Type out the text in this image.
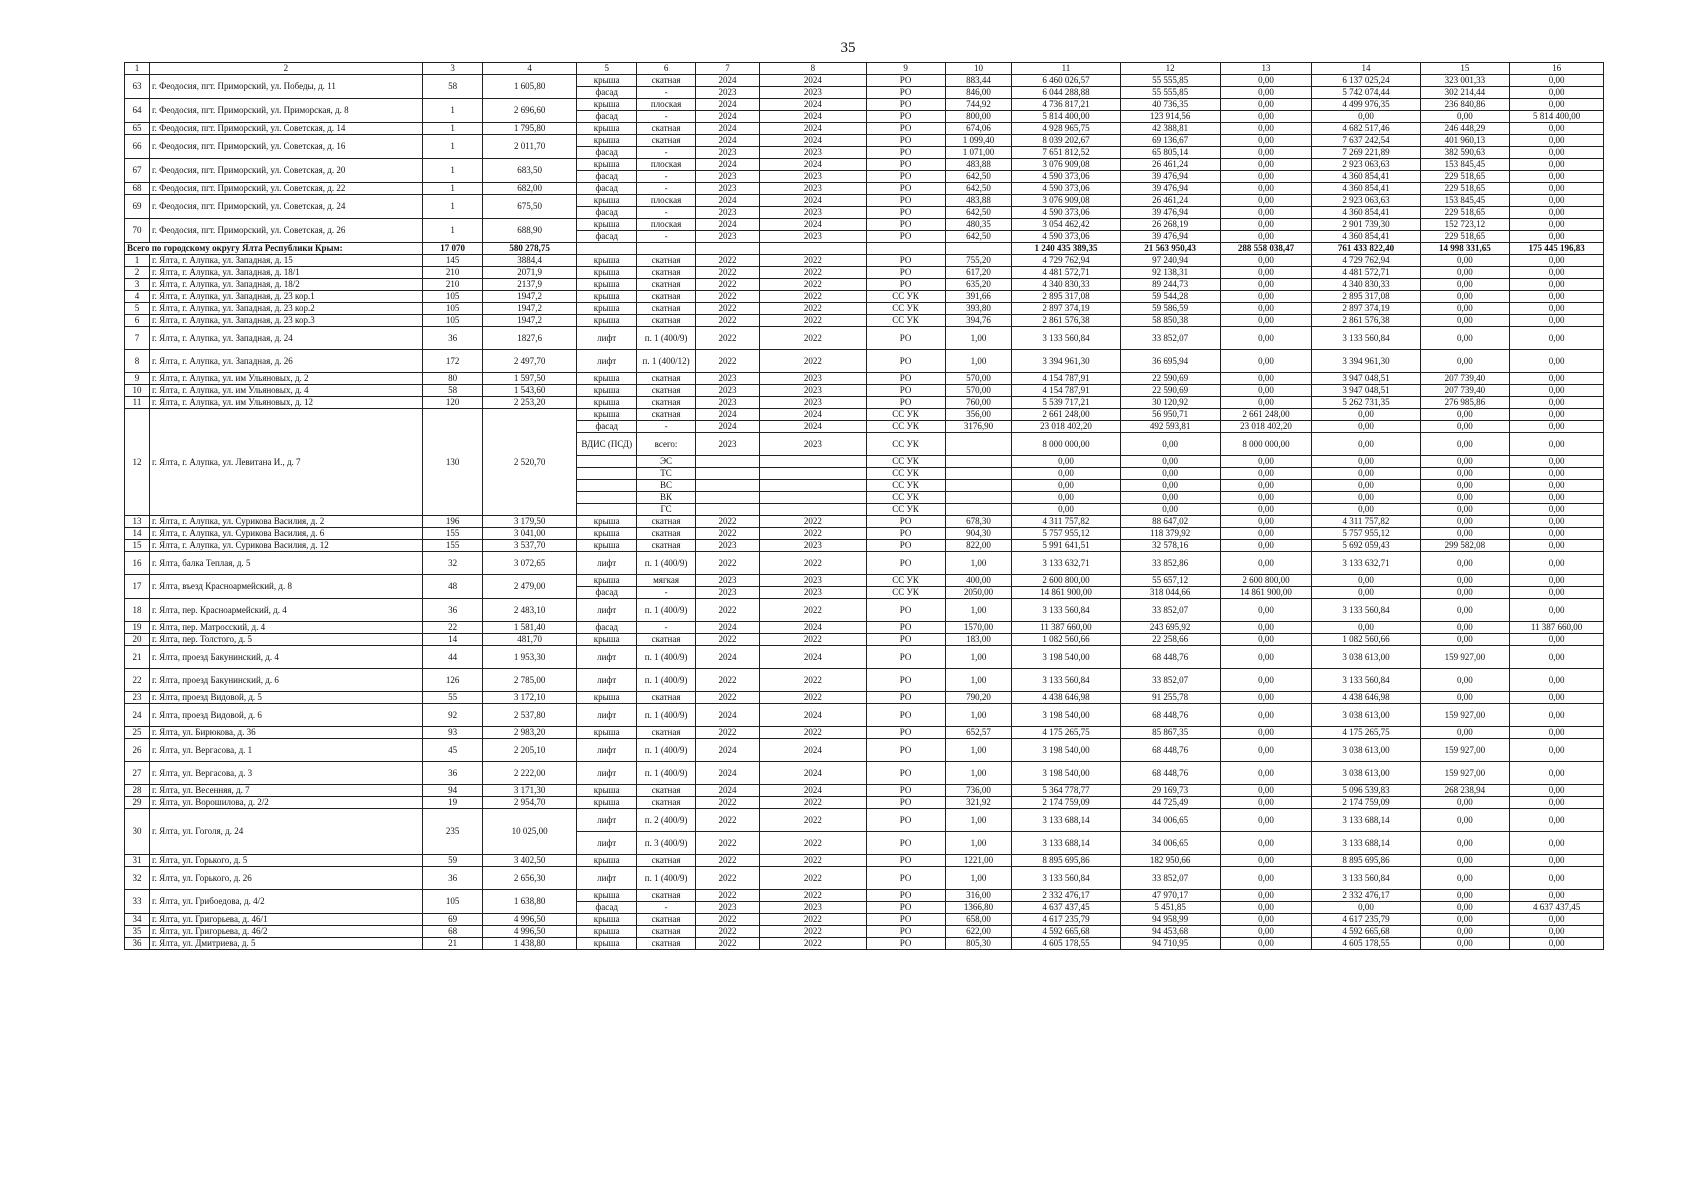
35
1	2	3	4	5	6	7	8	9	10	11	12	13	14	15	16
63	г. Феодосия, пгт. Приморский, ул. Победы, д. 11	58	1 605,80	крыша	скатная	2024	2024	РО	883,44	6 460 026,57	55 555,85	0,00	6 137 025,24	323 001,33	0,00
				фасад	-	2023	2023	РО	846,00	6 044 288,88	55 555,85	0,00	5 742 074,44	302 214,44	0,00
64	г. Феодосия, пгт. Приморский, ул. Приморская, д. 8	1	2 696,60	крыша	плоская	2024	2024	РО	744,92	4 736 817,21	40 736,35	0,00	4 499 976,35	236 840,86	0,00
				фасад	-	2024	2024	РО	800,00	5 814 400,00	123 914,56	0,00	0,00	0,00	5 814 400,00
65	г. Феодосия, пгт. Приморский, ул. Советская, д. 14	1	1 795,80	крыша	скатная	2024	2024	РО	674,06	4 928 965,75	42 388,81	0,00	4 682 517,46	246 448,29	0,00
66	г. Феодосия, пгт. Приморский, ул. Советская, д. 16	1	2 011,70	крыша	скатная	2024	2024	РО	1 099,40	8 039 202,67	69 136,67	0,00	7 637 242,54	401 960,13	0,00
				фасад	-	2023	2023	РО	1 071,00	7 651 812,52	65 805,14	0,00	7 269 221,89	382 590,63	0,00
67	г. Феодосия, пгт. Приморский, ул. Советская, д. 20	1	683,50	крыша	плоская	2024	2024	РО	483,88	3 076 909,08	26 461,24	0,00	2 923 063,63	153 845,45	0,00
				фасад	-	2023	2023	РО	642,50	4 590 373,06	39 476,94	0,00	4 360 854,41	229 518,65	0,00
68	г. Феодосия, пгт. Приморский, ул. Советская, д. 22	1	682,00	фасад	-	2023	2023	РО	642,50	4 590 373,06	39 476,94	0,00	4 360 854,41	229 518,65	0,00
69	г. Феодосия, пгт. Приморский, ул. Советская, д. 24	1	675,50	крыша	плоская	2024	2024	РО	483,88	3 076 909,08	26 461,24	0,00	2 923 063,63	153 845,45	0,00
				фасад	-	2023	2023	РО	642,50	4 590 373,06	39 476,94	0,00	4 360 854,41	229 518,65	0,00
70	г. Феодосия, пгт. Приморский, ул. Советская, д. 26	1	688,90	крыша	плоская	2024	2024	РО	480,35	3 054 462,42	26 268,19	0,00	2 901 739,30	152 723,12	0,00
				фасад	-	2023	2023	РО	642,50	4 590 373,06	39 476,94	0,00	4 360 854,41	229 518,65	0,00
Всего по городскому округу Ялта Республики Крым:		17 070	580 278,75							1 240 435 389,35	21 563 950,43	288 558 038,47	761 433 822,40	14 998 331,65	175 445 196,83
1	г. Ялта, г. Алупка, ул. Западная, д. 15	145	3884,4	крыша	скатная	2022	2022	РО	755,20	4 729 762,94	97 240,94	0,00	4 729 762,94	0,00	0,00
2	г. Ялта, г. Алупка, ул. Западная, д. 18/1	210	2071,9	крыша	скатная	2022	2022	РО	617,20	4 481 572,71	92 138,31	0,00	4 481 572,71	0,00	0,00
3	г. Ялта, г. Алупка, ул. Западная, д. 18/2	210	2137,9	крыша	скатная	2022	2022	РО	635,20	4 340 830,33	89 244,73	0,00	4 340 830,33	0,00	0,00
4	г. Ялта, г. Алупка, ул. Западная, д. 23 кор.1	105	1947,2	крыша	скатная	2022	2022	СС УК	391,66	2 895 317,08	59 544,28	0,00	2 895 317,08	0,00	0,00
5	г. Ялта, г. Алупка, ул. Западная, д. 23 кор.2	105	1947,2	крыша	скатная	2022	2022	СС УК	393,80	2 897 374,19	59 586,59	0,00	2 897 374,19	0,00	0,00
6	г. Ялта, г. Алупка, ул. Западная, д. 23 кор.3	105	1947,2	крыша	скатная	2022	2022	СС УК	394,76	2 861 576,38	58 850,38	0,00	2 861 576,38	0,00	0,00
7	г. Ялта, г. Алупка, ул. Западная, д. 24	36	1827,6	лифт	п. 1 (400/9)	2022	2022	РО	1,00	3 133 560,84	33 852,07	0,00	3 133 560,84	0,00	0,00
8	г. Ялта, г. Алупка, ул. Западная, д. 26	172	2 497,70	лифт	п. 1 (400/12)	2022	2022	РО	1,00	3 394 961,30	36 695,94	0,00	3 394 961,30	0,00	0,00
9	г. Ялта, г. Алупка, ул. им Ульяновых, д. 2	80	1 597,50	крыша	скатная	2023	2023	РО	570,00	4 154 787,91	22 590,69	0,00	3 947 048,51	207 739,40	0,00
10	г. Ялта, г. Алупка, ул. им Ульяновых, д. 4	58	1 543,60	крыша	скатная	2023	2023	РО	570,00	4 154 787,91	22 590,69	0,00	3 947 048,51	207 739,40	0,00
11	г. Ялта, г. Алупка, ул. им Ульяновых, д. 12	120	2 253,20	крыша	скатная	2023	2023	РО	760,00	5 539 717,21	30 120,92	0,00	5 262 731,35	276 985,86	0,00
12	г. Ялта, г. Алупка, ул. Левитана И., д. 7	130	2 520,70	крыша	скатная	2024	2024	СС УК	356,00	2 661 248,00	56 950,71	2 661 248,00	0,00	0,00	0,00
				фасад	-	2024	2024	СС УК	3176,90	23 018 402,20	492 593,81	23 018 402,20	0,00	0,00	0,00
				ВДИС (ПСД)	всего:	2023	2023	СС УК		8 000 000,00	0,00	8 000 000,00	0,00	0,00	0,00
					ЭС			СС УК		0,00	0,00	0,00	0,00	0,00	0,00
					ТС			СС УК		0,00	0,00	0,00	0,00	0,00	0,00
					ВС			СС УК		0,00	0,00	0,00	0,00	0,00	0,00
					ВК			СС УК		0,00	0,00	0,00	0,00	0,00	0,00
					ГС			СС УК		0,00	0,00	0,00	0,00	0,00	0,00
13	г. Ялта, г. Алупка, ул. Сурикова Василия, д. 2	196	3 179,50	крыша	скатная	2022	2022	РО	678,30	4 311 757,82	88 647,02	0,00	4 311 757,82	0,00	0,00
14	г. Ялта, г. Алупка, ул. Сурикова Василия, д. 6	155	3 041,00	крыша	скатная	2022	2022	РО	904,30	5 757 955,12	118 379,92	0,00	5 757 955,12	0,00	0,00
15	г. Ялта, г. Алупка, ул. Сурикова Василия, д. 12	155	3 537,70	крыша	скатная	2023	2023	РО	822,00	5 991 641,51	32 578,16	0,00	5 692 059,43	299 582,08	0,00
16	г. Ялта, балка Теплая, д. 5	32	3 072,65	лифт	п. 1 (400/9)	2022	2022	РО	1,00	3 133 632,71	33 852,86	0,00	3 133 632,71	0,00	0,00
17	г. Ялта, въезд Красноармейский, д. 8	48	2 479,00	крыша	мягкая	2023	2023	СС УК	400,00	2 600 800,00	55 657,12	2 600 800,00	0,00	0,00	0,00
				фасад	-	2023	2023	СС УК	2050,00	14 861 900,00	318 044,66	14 861 900,00	0,00	0,00	0,00
18	г. Ялта, пер. Красноармейский, д. 4	36	2 483,10	лифт	п. 1 (400/9)	2022	2022	РО	1,00	3 133 560,84	33 852,07	0,00	3 133 560,84	0,00	0,00
19	г. Ялта, пер. Матросский, д. 4	22	1 581,40	фасад	-	2024	2024	РО	1570,00	11 387 660,00	243 695,92	0,00	0,00	0,00	11 387 660,00
20	г. Ялта, пер. Толстого, д. 5	14	481,70	крыша	скатная	2022	2022	РО	183,00	1 082 560,66	22 258,66	0,00	1 082 560,66	0,00	0,00
21	г. Ялта, проезд Бакунинский, д. 4	44	1 953,30	лифт	п. 1 (400/9)	2024	2024	РО	1,00	3 198 540,00	68 448,76	0,00	3 038 613,00	159 927,00	0,00
22	г. Ялта, проезд Бакунинский, д. 6	126	2 785,00	лифт	п. 1 (400/9)	2022	2022	РО	1,00	3 133 560,84	33 852,07	0,00	3 133 560,84	0,00	0,00
23	г. Ялта, проезд Видовой, д. 5	55	3 172,10	крыша	скатная	2022	2022	РО	790,20	4 438 646,98	91 255,78	0,00	4 438 646,98	0,00	0,00
24	г. Ялта, проезд Видовой, д. 6	92	2 537,80	лифт	п. 1 (400/9)	2024	2024	РО	1,00	3 198 540,00	68 448,76	0,00	3 038 613,00	159 927,00	0,00
25	г. Ялта, ул. Бирюкова, д. 36	93	2 983,20	крыша	скатная	2022	2022	РО	652,57	4 175 265,75	85 867,35	0,00	4 175 265,75	0,00	0,00
26	г. Ялта, ул. Вергасова, д. 1	45	2 205,10	лифт	п. 1 (400/9)	2024	2024	РО	1,00	3 198 540,00	68 448,76	0,00	3 038 613,00	159 927,00	0,00
27	г. Ялта, ул. Вергасова, д. 3	36	2 222,00	лифт	п. 1 (400/9)	2024	2024	РО	1,00	3 198 540,00	68 448,76	0,00	3 038 613,00	159 927,00	0,00
28	г. Ялта, ул. Весенняя, д. 7	94	3 171,30	крыша	скатная	2024	2024	РО	736,00	5 364 778,77	29 169,73	0,00	5 096 539,83	268 238,94	0,00
29	г. Ялта, ул. Ворошилова, д. 2/2	19	2 954,70	крыша	скатная	2022	2022	РО	321,92	2 174 759,09	44 725,49	0,00	2 174 759,09	0,00	0,00
30	г. Ялта, ул. Гоголя, д. 24	235	10 025,00	лифт	п. 2 (400/9)	2022	2022	РО	1,00	3 133 688,14	34 006,65	0,00	3 133 688,14	0,00	0,00
				лифт	п. 3 (400/9)	2022	2022	РО	1,00	3 133 688,14	34 006,65	0,00	3 133 688,14	0,00	0,00
31	г. Ялта, ул. Горького, д. 5	59	3 402,50	крыша	скатная	2022	2022	РО	1221,00	8 895 695,86	182 950,66	0,00	8 895 695,86	0,00	0,00
32	г. Ялта, ул. Горького, д. 26	36	2 656,30	лифт	п. 1 (400/9)	2022	2022	РО	1,00	3 133 560,84	33 852,07	0,00	3 133 560,84	0,00	0,00
33	г. Ялта, ул. Грибоедова, д. 4/2	105	1 638,80	крыша	скатная	2022	2022	РО	316,00	2 332 476,17	47 970,17	0,00	2 332 476,17	0,00	0,00
				фасад	-	2023	2023	РО	1366,80	4 637 437,45	5 451,85	0,00	0,00	0,00	4 637 437,45
34	г. Ялта, ул. Григорьева, д. 46/1	69	4 996,50	крыша	скатная	2022	2022	РО	658,00	4 617 235,79	94 958,99	0,00	4 617 235,79	0,00	0,00
35	г. Ялта, ул. Григорьева, д. 46/2	68	4 996,50	крыша	скатная	2022	2022	РО	622,00	4 592 665,68	94 453,68	0,00	4 592 665,68	0,00	0,00
36	г. Ялта, ул. Дмитриева, д. 5	21	1 438,80	крыша	скатная	2022	2022	РО	805,30	4 605 178,55	94 710,95	0,00	4 605 178,55	0,00	0,00
